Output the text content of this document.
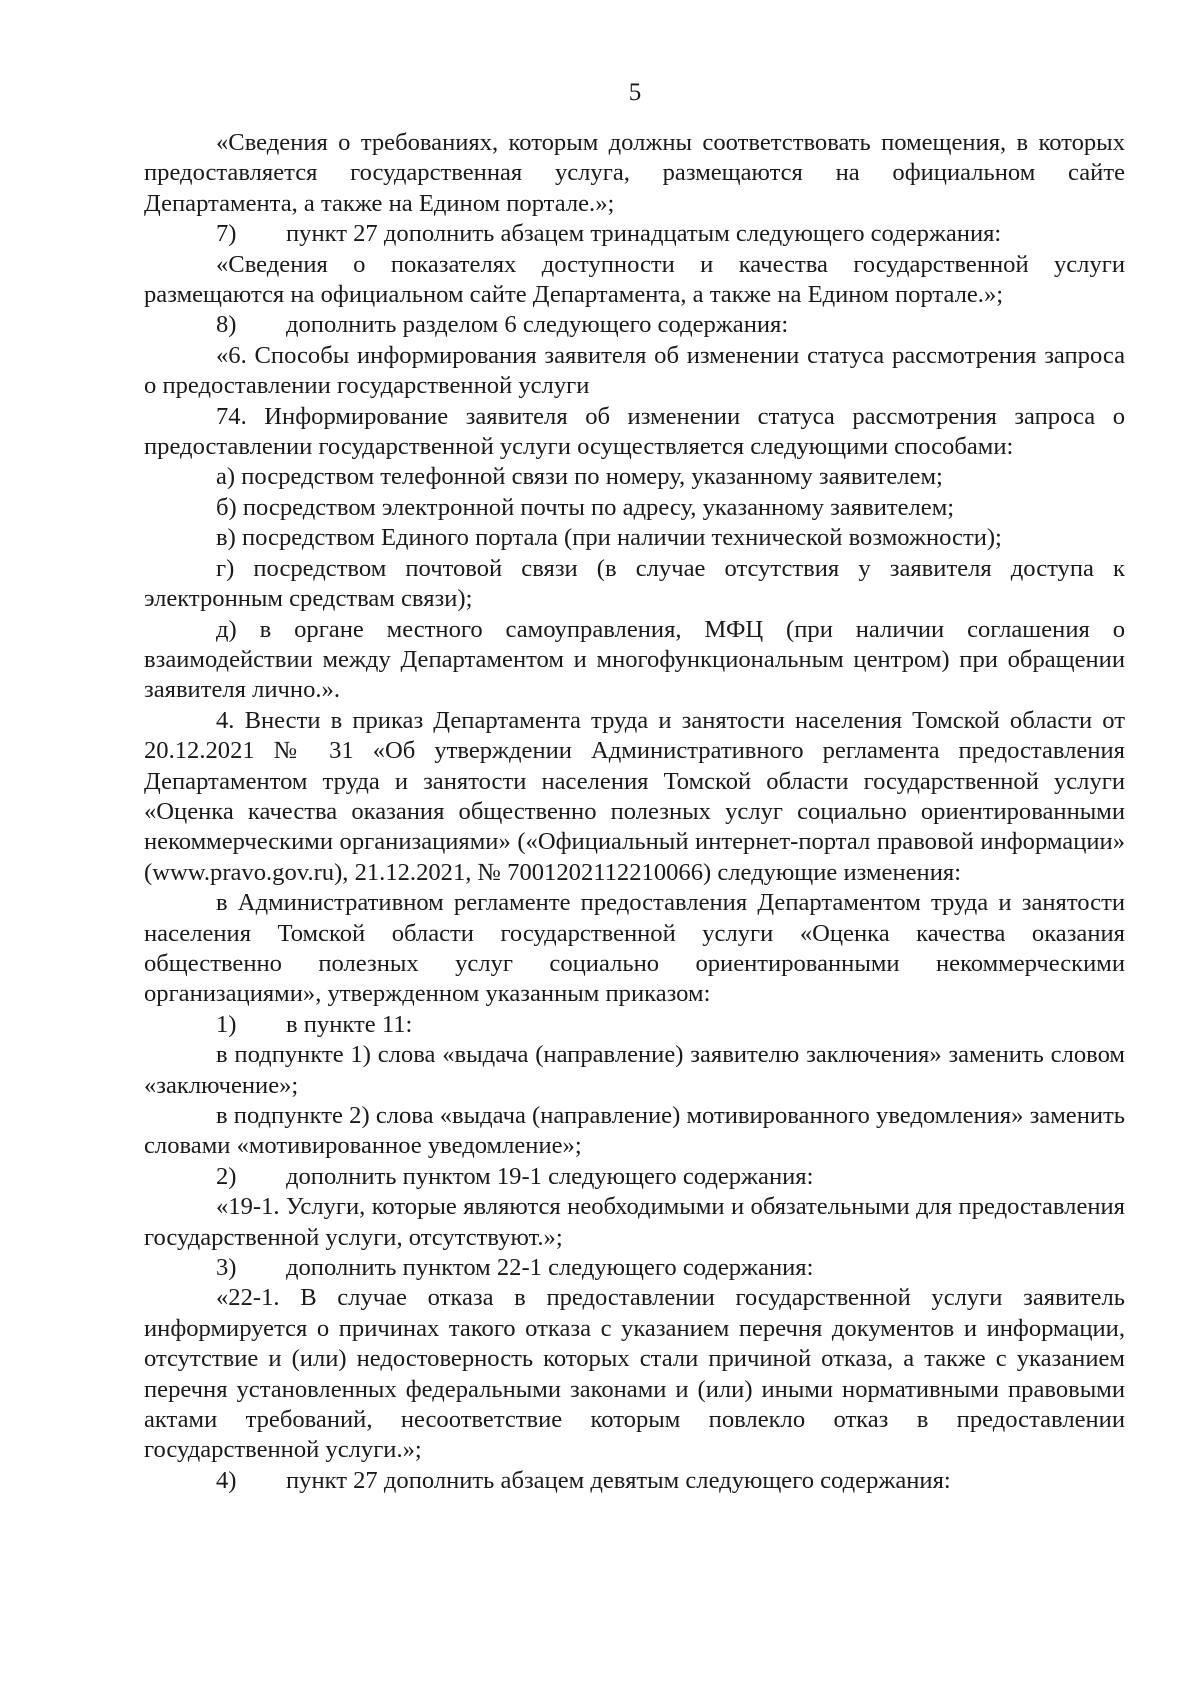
5

«Сведения о требованиях, которым должны соответствовать помещения, в которых предоставляется государственная услуга, размещаются на официальном сайте Департамента, а также на Едином портале.»;

7)	пункт 27 дополнить абзацем тринадцатым следующего содержания:

«Сведения о показателях доступности и качества государственной услуги размещаются на официальном сайте Департамента, а также на Едином портале.»;

8)	дополнить разделом 6 следующего содержания:

«6. Способы информирования заявителя об изменении статуса рассмотрения запроса о предоставлении государственной услуги

74. Информирование заявителя об изменении статуса рассмотрения запроса о предоставлении государственной услуги осуществляется следующими способами:

а) посредством телефонной связи по номеру, указанному заявителем;

б) посредством электронной почты по адресу, указанному заявителем;

в) посредством Единого портала (при наличии технической возможности);

г) посредством почтовой связи (в случае отсутствия у заявителя доступа к электронным средствам связи);

д) в органе местного самоуправления, МФЦ (при наличии соглашения о взаимодействии между Департаментом и многофункциональным центром) при обращении заявителя лично.».

4. Внести в приказ Департамента труда и занятости населения Томской области от 20.12.2021 № 31 «Об утверждении Административного регламента предоставления Департаментом труда и занятости населения Томской области государственной услуги «Оценка качества оказания общественно полезных услуг социально ориентированными некоммерческими организациями» («Официальный интернет-портал правовой информации» (www.pravo.gov.ru), 21.12.2021, № 7001202112210066) следующие изменения:

в Административном регламенте предоставления Департаментом труда и занятости населения Томской области государственной услуги «Оценка качества оказания общественно полезных услуг социально ориентированными некоммерческими организациями», утвержденном указанным приказом:

1)	в пункте 11:

в подпункте 1) слова «выдача (направление) заявителю заключения» заменить словом «заключение»;

в подпункте 2) слова «выдача (направление) мотивированного уведомления» заменить словами «мотивированное уведомление»;

2)	дополнить пунктом 19-1 следующего содержания:

«19-1. Услуги, которые являются необходимыми и обязательными для предоставления государственной услуги, отсутствуют.»;

3)	дополнить пунктом 22-1 следующего содержания:

«22-1. В случае отказа в предоставлении государственной услуги заявитель информируется о причинах такого отказа с указанием перечня документов и информации, отсутствие и (или) недостоверность которых стали причиной отказа, а также с указанием перечня установленных федеральными законами и (или) иными нормативными правовыми актами требований, несоответствие которым повлекло отказ в предоставлении государственной услуги.»;

4)	пункт 27 дополнить абзацем девятым следующего содержания:
